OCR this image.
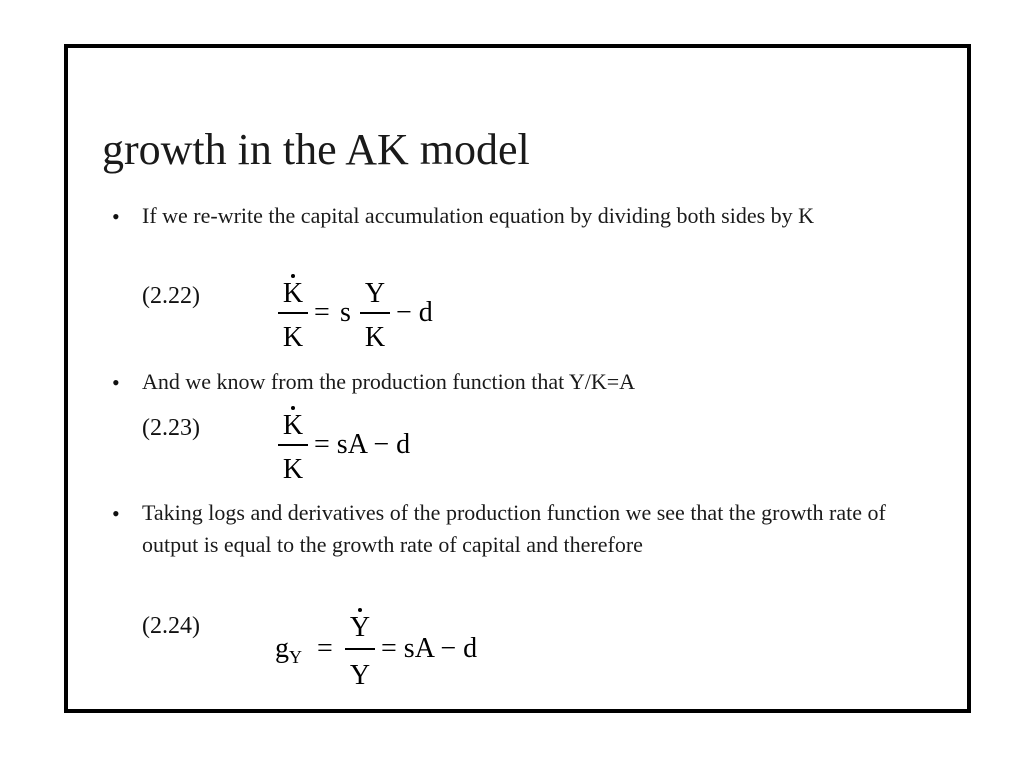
growth in the AK model
• If we re-write the capital accumulation equation by dividing both sides by K
(2.22)	K
K
= s
Y
K
− d
• And we know from the production function that Y/K=A
(2.23)	K
K
= sA − d
• Taking logs and derivatives of the production function we see that the growth rate of output is equal to the growth rate of capital and therefore
(2.24)
$g_Y$ =
Y
Y
= sA − d
